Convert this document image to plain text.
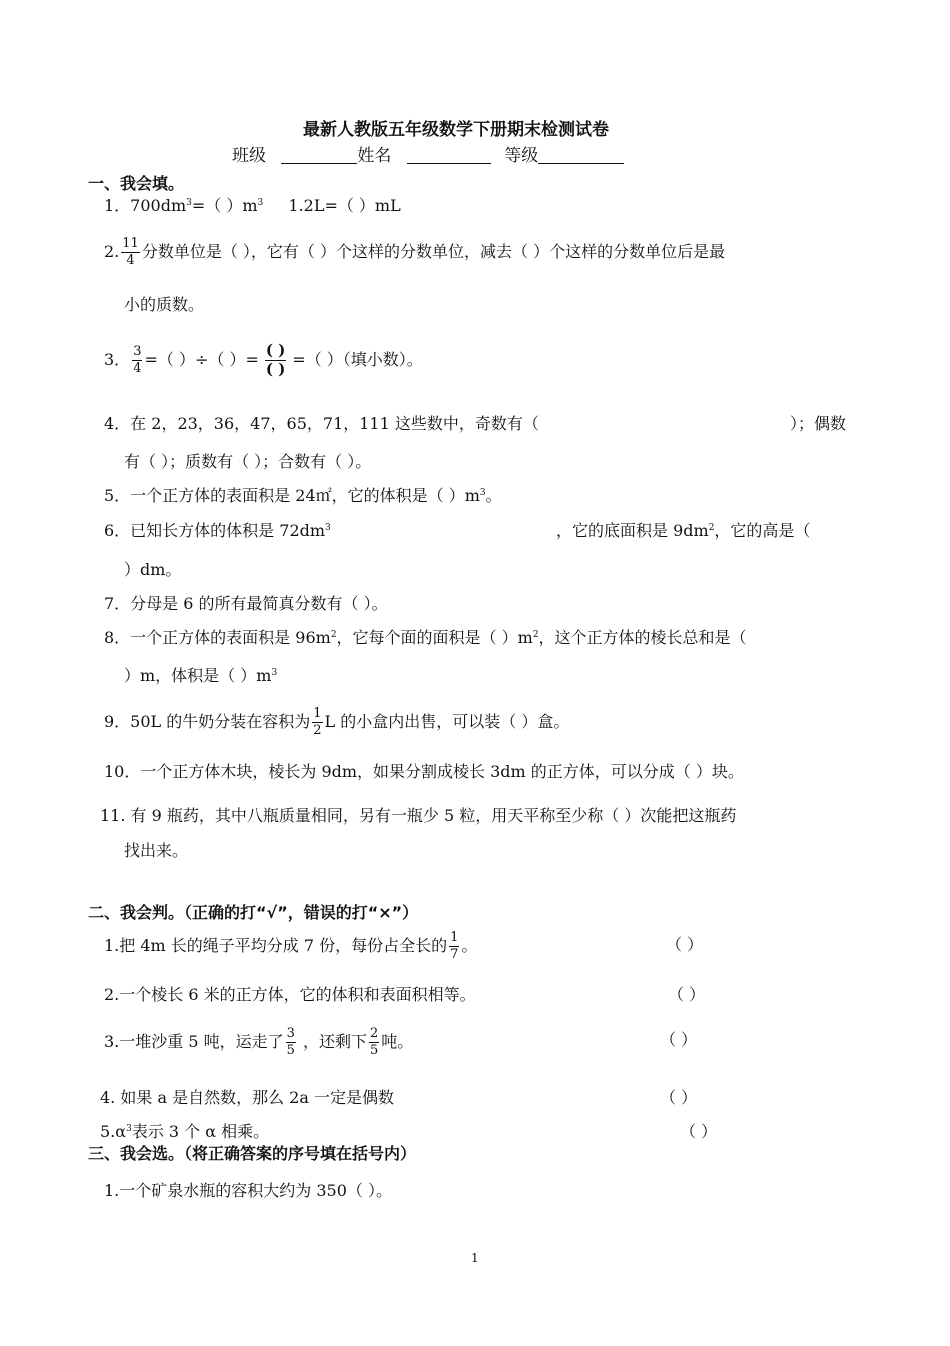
最新人教版五年级数学下册期末检测试卷
班级	姓名	等级
一、我会填。
1．$700dm^3=$（ ）$m^3$ 1.2L=（ ）mL
2. $\frac{11}{4}$ 分数单位是（ ），它有（ ）个这样的分数单位，减去（ ）个这样的分数单位后是最
小的质数。
3． $\frac{3}{4}$ =（ ）÷（ ）= $\frac{( )}{( )}$ =（ ）（填小数）。
4．在 2，23，36，47，65，71，111 这些数中，奇数有（	）；偶数
有（ ）；质数有（ ）；合数有（ ）。
5．一个正方体的表面积是 24㎡，它的体积是（ ）$m^3$。
6．已知长方体的体积是 $72dm^3$	，它的底面积是 $9dm^2$，它的高是（
）dm。
7．分母是 6 的所有最简真分数有（ ）。
8．一个正方体的表面积是 $96m^2$，它每个面的面积是（ ）$m^2$，这个正方体的棱长总和是（
）m，体积是（ ）$m^3$
9．50L 的牛奶分装在容积为 $\frac{1}{2}$ L 的小盒内出售，可以装（ ）盒。
10．一个正方体木块，棱长为 9dm，如果分割成棱长 3dm 的正方体，可以分成（ ）块。
11. 有 9 瓶药，其中八瓶质量相同，另有一瓶少 5 粒，用天平称至少称（ ）次能把这瓶药
找出来。
二、我会判。（正确的打“√”，错误的打“×”）
1.把 4m 长的绳子平均分成 7 份，每份占全长的 $\frac{1}{7}$ 。	（ ）
2.一个棱长 6 米的正方体，它的体积和表面积相等。	（ ）
3.一堆沙重 5 吨，运走了 $\frac{3}{5}$ ，还剩下 $\frac{2}{5}$ 吨。	（ ）
4. 如果 a 是自然数，那么 2a 一定是偶数	（ ）
$5.\alpha^3$表示 3 个 α 相乘。	（ ）
三、我会选。（将正确答案的序号填在括号内）
1.一个矿泉水瓶的容积大约为 350（ ）。
1
